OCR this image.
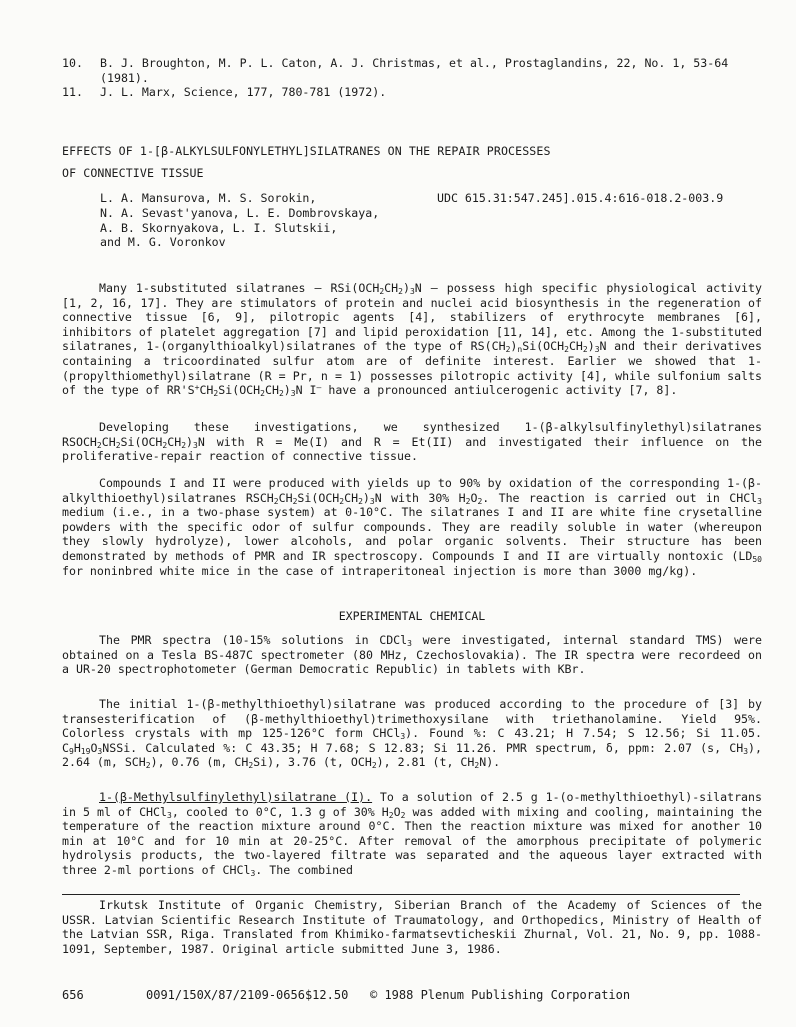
10.	B. J. Broughton, M. P. L. Caton, A. J. Christmas, et al., Prostaglandins, 22, No. 1, 53-64 (1981).
11.	J. L. Marx, Science, 177, 780-781 (1972).
EFFECTS OF 1-[β-ALKYLSULFONYLETHYL]SILATRANES ON THE REPAIR PROCESSES
OF CONNECTIVE TISSUE
L. A. Mansurova, M. S. Sorokin,
N. A. Sevast'yanova, L. E. Dombrovskaya,
A. B. Skornyakova, L. I. Slutskii,
and M. G. Voronkov
UDC 615.31:547.245].015.4:616-018.2-003.9

Many 1-substituted silatranes – $RSi(OCH_2CH_2)_3N$ – possess high specific physiological activity [1, 2, 16, 17]. They are stimulators of protein and nuclei acid biosynthesis in the regeneration of connective tissue [6, 9], pilotropic agents [4], stabilizers of erythrocyte membranes [6], inhibitors of platelet aggregation [7] and lipid peroxidation [11, 14], etc. Among the 1-substituted silatranes, 1-(organylthioalkyl)silatranes of the type of $RS(CH_2)_nSi(OCH_2CH_2)_3N$ and their derivatives containing a tricoordinated sulfur atom are of definite interest. Earlier we showed that 1-(propylthiomethyl)silatrane (R = Pr, n = 1) possesses pilotropic activity [4], while sulfonium salts of the type of $RR'S^+CH_2Si(OCH_2CH_2)_3N$ I– have a pronounced antiulcerogenic activity [7, 8].

Developing these investigations, we synthesized 1-(β-alkylsulfinylethyl)silatranes $RSOCH_2CH_2Si(OCH_2CH_2)_3N$ with R = Me(I) and R = Et(II) and investigated their influence on the proliferative-repair reaction of connective tissue.

Compounds I and II were produced with yields up to 90% by oxidation of the corresponding 1-(β-alkylthioethyl)silatranes $RSCH_2CH_2Si(OCH_2CH_2)_3N$ with 30% $H_2O_2$. The reaction is carried out in CHCl$_3$ medium (i.e., in a two-phase system) at 0-10°C. The silatranes I and II are white fine crysetalline powders with the specific odor of sulfur compounds. They are readily soluble in water (whereupon they slowly hydrolyze), lower alcohols, and polar organic solvents. Their structure has been demonstrated by methods of PMR and IR spectroscopy. Compounds I and II are virtually nontoxic ($LD_{50}$ for noninbred white mice in the case of intraperitoneal injection is more than 3000 mg/kg).

EXPERIMENTAL CHEMICAL

The PMR spectra (10-15% solutions in CDCl$_3$ were investigated, internal standard TMS) were obtained on a Tesla BS-487C spectrometer (80 MHz, Czechoslovakia). The IR spectra were recordeed on a UR-20 spectrophotometer (German Democratic Republic) in tablets with KBr.

The initial 1-(β-methylthioethyl)silatrane was produced according to the procedure of [3] by transesterification of (β-methylthioethyl)trimethoxysilane with triethanolamine. Yield 95%. Colorless crystals with mp 125-126°C form CHCl$_3$). Found %: C 43.21; H 7.54; S 12.56; Si 11.05. $C_9H_{19}O_3NSSi$. Calculated %: C 43.35; H 7.68; S 12.83; Si 11.26. PMR spectrum, δ, ppm: 2.07 (s, $CH_3$), 2.64 (m, $SCH_2$), 0.76 (m, $CH_2Si$), 3.76 (t, $OCH_2$), 2.81 (t, $CH_2N$).

1-(β-Methylsulfinylethyl)silatrane (I). To a solution of 2.5 g 1-(o-methylthioethyl)-silatrans in 5 ml of CHCl$_3$, cooled to 0°C, 1.3 g of 30% $H_2O_2$ was added with mixing and cooling, maintaining the temperature of the reaction mixture around 0°C. Then the reaction mixture was mixed for another 10 min at 10°C and for 10 min at 20-25°C. After removal of the amorphous precipitate of polymeric hydrolysis products, the two-layered filtrate was separated and the aqueous layer extracted with three 2-ml portions of CHCl$_3$. The combined

Irkutsk Institute of Organic Chemistry, Siberian Branch of the Academy of Sciences of the USSR. Latvian Scientific Research Institute of Traumatology, and Orthopedics, Ministry of Health of the Latvian SSR, Riga. Translated from Khimiko-farmatsevticheskii Zhurnal, Vol. 21, No. 9, pp. 1088-1091, September, 1987. Original article submitted June 3, 1986.

656	0091/150X/87/2109-0656$12.50 © 1988 Plenum Publishing Corporation
